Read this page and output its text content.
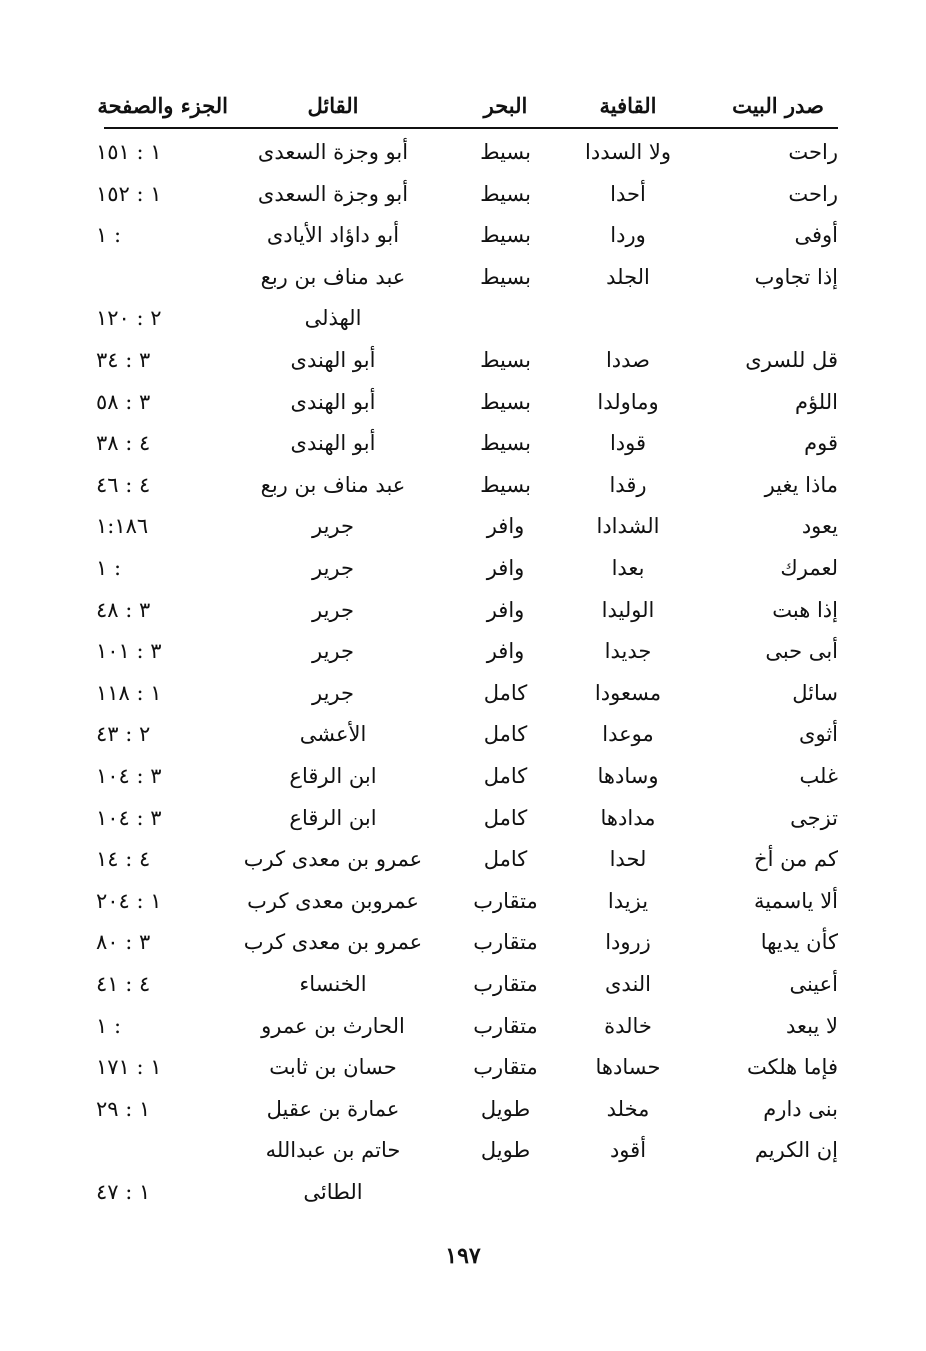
صدر البيت
القافية
البحر
القائل
الجزء والصفحة
راحت
ولا السددا
بسيط
أبو وجزة السعدى
١ : ١٥١
راحت
أحدا
بسيط
أبو وجزة السعدى
١ : ١٥٢
أوفى
وردا
بسيط
أبو داؤاد الأيادى
١ :
إذا تجاوب
الجلد
بسيط
عبد مناف بن ربع
الهذلى
٢ : ١٢٠
قل للسرى
صددا
بسيط
أبو الهندى
٣ : ٣٤
اللؤم
وماولدا
بسيط
أبو الهندى
٣ : ٥٨
قوم
قودا
بسيط
أبو الهندى
٤ : ٣٨
ماذا يغير
رقدا
بسيط
عبد مناف بن ربع
٤ : ٤٦
يعود
الشدادا
وافر
جرير
١:١٨٦
لعمرك
بعدا
وافر
جرير
١ :
إذا هبت
الوليدا
وافر
جرير
٣ : ٤٨
أبى حبى
جديدا
وافر
جرير
٣ : ١٠١
سائل
مسعودا
كامل
جرير
١ : ١١٨
أثوى
موعدا
كامل
الأعشى
٢ : ٤٣
غلب
وسادها
كامل
ابن الرقاع
٣ : ١٠٤
تزجى
مدادها
كامل
ابن الرقاع
٣ : ١٠٤
كم من أخ
لحدا
كامل
عمرو بن معدى كرب
٤ : ١٤
ألا ياسمية
يزيدا
متقارب
عمروبن معدى كرب
١ : ٢٠٤
كأن يديها
زرودا
متقارب
عمرو بن معدى كرب
٣ : ٨٠
أعينى
الندى
متقارب
الخنساء
٤ : ٤١
لا يبعد
خالدة
متقارب
الحارث بن عمرو
١ :
فإما هلكت
حسادها
متقارب
حسان بن ثابت
١ : ١٧١
بنى دارم
مخلد
طويل
عمارة بن عقيل
١ : ٢٩
إن الكريم
أقود
طويل
حاتم بن عبدالله
الطائى
١ : ٤٧
١٩٧
